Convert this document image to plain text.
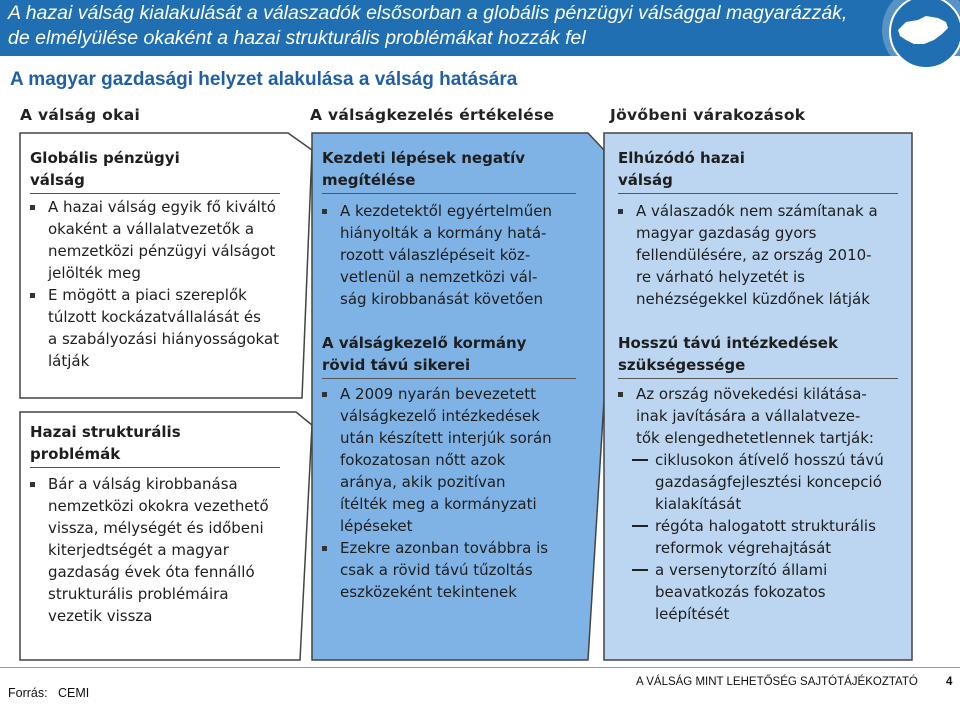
A hazai válság kialakulását a válaszadók elsősorban a globális pénzügyi válsággal magyarázzák, de elmélyülése okaként a hazai strukturális problémákat hozzák fel
A magyar gazdasági helyzet alakulása a válság hatására
A válság okai	A válságkezelés értékelése	Jövőbeni várakozások
Globális pénzügyi
válság
A hazai válság egyik fő kiváltó
okaként a vállalatvezetők a
nemzetközi pénzügyi válságot
jelölték meg
E mögött a piaci szereplők
túlzott kockázatvállalását és
a szabályozási hiányosságokat
látják
Hazai strukturális
problémák
Bár a válság kirobbanása
nemzetközi okokra vezethető
vissza, mélységét és időbeni
kiterjedtségét a magyar
gazdaság évek óta fennálló
strukturális problémáira
vezetik vissza
Kezdeti lépések negatív
megítélése
A kezdetektől egyértelműen
hiányolták a kormány hatá-
rozott válaszlépéseit köz-
vetlenül a nemzetközi vál-
ság kirobbanását követően
A válságkezelő kormány
rövid távú sikerei
A 2009 nyarán bevezetett
válságkezelő intézkedések
után készített interjúk során
fokozatosan nőtt azok
aránya, akik pozitívan
ítélték meg a kormányzati
lépéseket
Ezekre azonban továbbra is
csak a rövid távú tűzoltás
eszközeként tekintenek
Elhúzódó hazai
válság
A válaszadók nem számítanak a
magyar gazdaság gyors
fellendülésére, az ország 2010-
re várható helyzetét is
nehézségekkel küzdőnek látják
Hosszú távú intézkedések
szükségessége
Az ország növekedési kilátása-
inak javítására a vállalatveze-
tők elengedhetetlennek tartják:
ciklusokon átívelő hosszú távú
gazdaságfejlesztési koncepció
kialakítását
régóta halogatott strukturális
reformok végrehajtását
a versenytorzító állami
beavatkozás fokozatos
leépítését
A VÁLSÁG MINT LEHETŐSÉG SAJTÓTÁJÉKOZTATÓ 4
Forrás:   CEMI
